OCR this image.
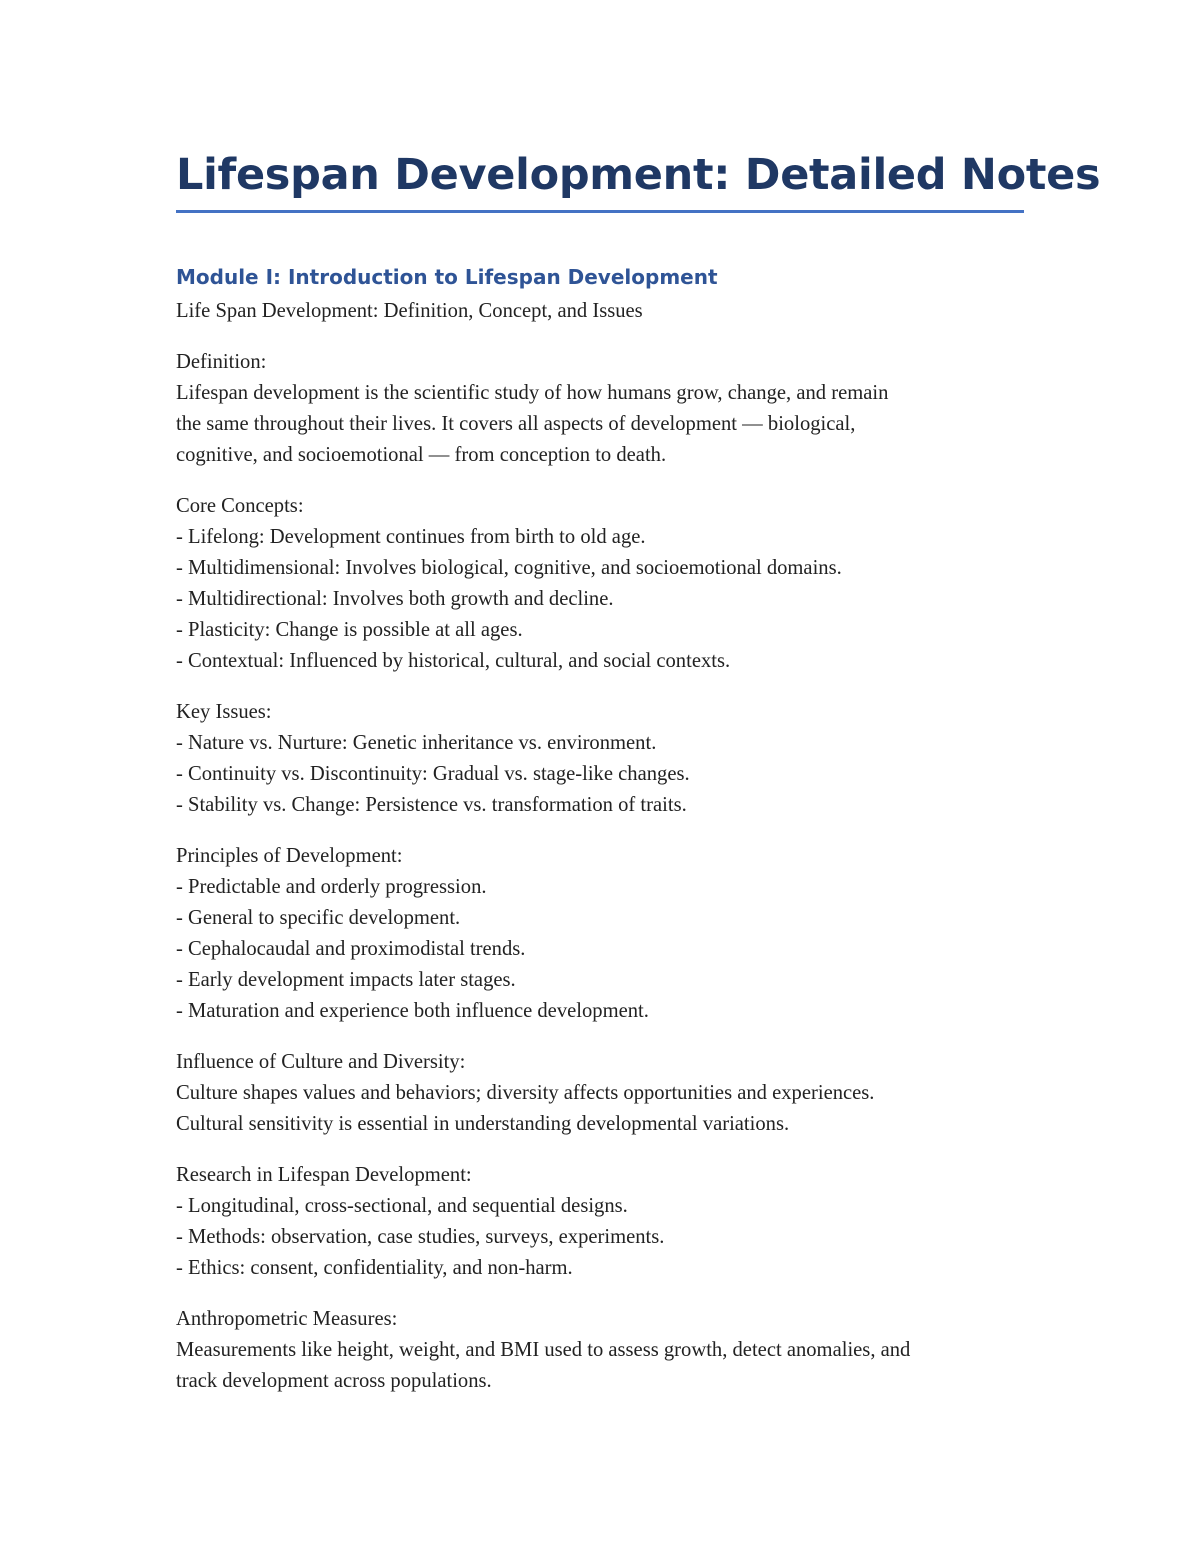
Lifespan Development: Detailed Notes
Module I: Introduction to Lifespan Development

Life Span Development: Definition, Concept, and Issues

Definition:
Lifespan development is the scientific study of how humans grow, change, and remain
the same throughout their lives. It covers all aspects of development — biological,
cognitive, and socioemotional — from conception to death.
Core Concepts:
- Lifelong: Development continues from birth to old age.
- Multidimensional: Involves biological, cognitive, and socioemotional domains.
- Multidirectional: Involves both growth and decline.
- Plasticity: Change is possible at all ages.
- Contextual: Influenced by historical, cultural, and social contexts.
Key Issues:
- Nature vs. Nurture: Genetic inheritance vs. environment.
- Continuity vs. Discontinuity: Gradual vs. stage-like changes.
- Stability vs. Change: Persistence vs. transformation of traits.
Principles of Development:
- Predictable and orderly progression.
- General to specific development.
- Cephalocaudal and proximodistal trends.
- Early development impacts later stages.
- Maturation and experience both influence development.
Influence of Culture and Diversity:
Culture shapes values and behaviors; diversity affects opportunities and experiences.
Cultural sensitivity is essential in understanding developmental variations.
Research in Lifespan Development:
- Longitudinal, cross-sectional, and sequential designs.
- Methods: observation, case studies, surveys, experiments.
- Ethics: consent, confidentiality, and non-harm.
Anthropometric Measures:
Measurements like height, weight, and BMI used to assess growth, detect anomalies, and
track development across populations.
